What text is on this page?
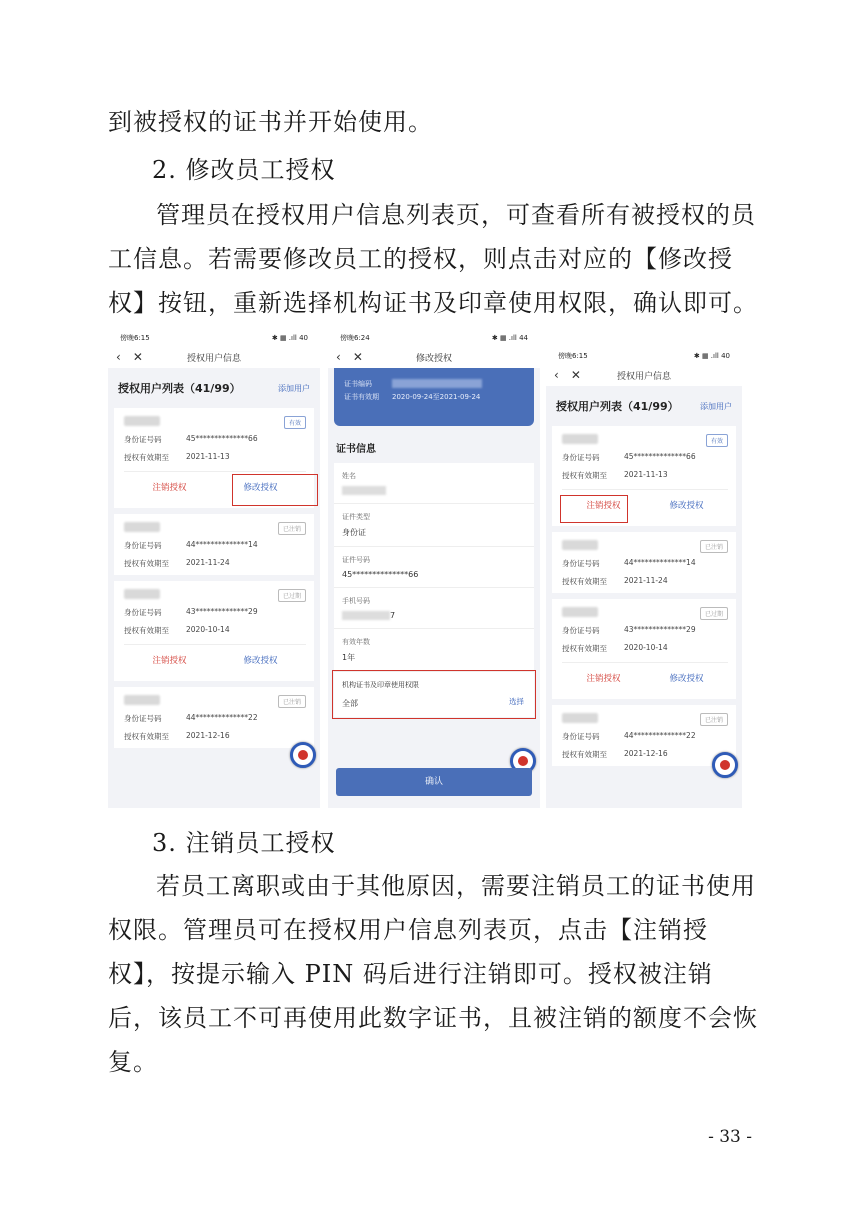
到被授权的证书并开始使用。

2. 修改员工授权

管理员在授权用户信息列表页，可查看所有被授权的员工信息。若需要修改员工的授权，则点击对应的【修改授权】按钮，重新选择机构证书及印章使用权限，确认即可。

傍晚6:15	✱ ▦ .ıll 40
‹ ✕	授权用户信息
授权用户列表（41/99）	添加用户
有效
身份证号码	45**************66
授权有效期至	2021-11-13
注销授权	修改授权
已注销
身份证号码	44**************14
授权有效期至	2021-11-24
已过期
身份证号码	43**************29
授权有效期至	2020-10-14
注销授权	修改授权
已注销
身份证号码	44**************22
授权有效期至	2021-12-16
傍晚6:24	✱ ▦ .ıll 44
‹ ✕	修改授权
证书编码
证书有效期	2020-09-24至2021-09-24
证书信息
姓名
证件类型
身份证
证件号码
45**************66
手机号码
7
有效年数
1年
机构证书及印章使用权限
全部	选择
确认
傍晚6:15	✱ ▦ .ıll 40
‹ ✕	授权用户信息
授权用户列表（41/99）	添加用户
有效
身份证号码	45**************66
授权有效期至	2021-11-13
注销授权	修改授权
已注销
身份证号码	44**************14
授权有效期至	2021-11-24
已过期
身份证号码	43**************29
授权有效期至	2020-10-14
注销授权	修改授权
已注销
身份证号码	44**************22
授权有效期至	2021-12-16

3. 注销员工授权

若员工离职或由于其他原因，需要注销员工的证书使用权限。管理员可在授权用户信息列表页，点击【注销授权】，按提示输入 PIN 码后进行注销即可。授权被注销后，该员工不可再使用此数字证书，且被注销的额度不会恢复。

- 33 -
